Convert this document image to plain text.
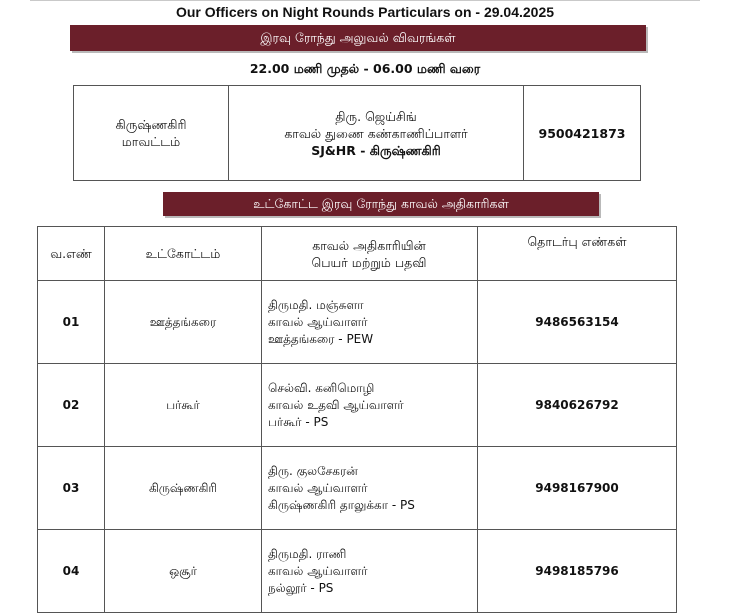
Our Officers on Night Rounds Particulars on - 29.04.2025
இரவு ரோந்து அலுவல் விவரங்கள்
22.00 மணி முதல் - 06.00 மணி வரை
கிருஷ்ணகிரி
மாவட்டம்

திரு. ஜெய்சிங்
காவல் துணை கண்காணிப்பாளர்
SJ&HR - கிருஷ்ணகிரி
	9500421873
உட்கோட்ட இரவு ரோந்து காவல் அதிகாரிகள்
வ.எண்	உட்கோட்டம்	காவல் அதிகாரியின்
பெயர் மற்றும் பதவி	தொடர்பு எண்கள்
01	ஊத்தங்கரை	திருமதி. மஞ்சுளா
காவல் ஆய்வாளர்
ஊத்தங்கரை - PEW	9486563154
02	பர்கூர்	செல்வி. கனிமொழி
காவல் உதவி ஆய்வாளர்
பர்கூர் - PS	9840626792
03	கிருஷ்ணகிரி	திரு. குலசேகரன்
காவல் ஆய்வாளர்
கிருஷ்ணகிரி தாலுக்கா - PS	9498167900
04	ஒசூர்	திருமதி. ராணி
காவல் ஆய்வாளர்
நல்லூர் - PS	9498185796
